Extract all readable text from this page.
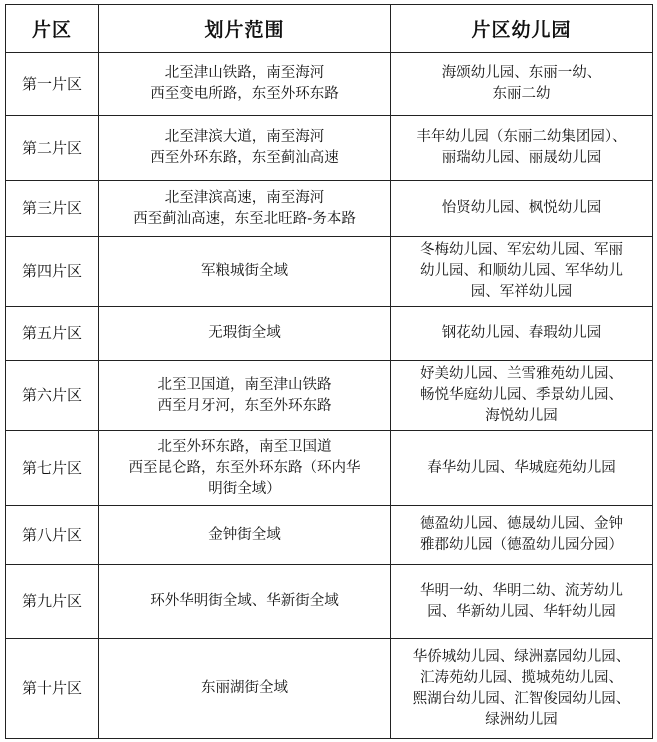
片区	划片范围	片区幼儿园
第一片区	北至津山铁路，南至海河
西至变电所路，东至外环东路	海颂幼儿园、东丽一幼、
东丽二幼
第二片区	北至津滨大道，南至海河
西至外环东路，东至蓟汕高速	丰年幼儿园（东丽二幼集团园）、
丽瑞幼儿园、丽晟幼儿园
第三片区	北至津滨高速，南至海河
西至蓟汕高速，东至北旺路-务本路	怡贤幼儿园、枫悦幼儿园
第四片区	军粮城街全域	冬梅幼儿园、军宏幼儿园、军丽
幼儿园、和顺幼儿园、军华幼儿
园、军祥幼儿园
第五片区	无瑕街全域	钢花幼儿园、春瑕幼儿园
第六片区	北至卫国道，南至津山铁路
西至月牙河，东至外环东路	妤美幼儿园、兰雪雅苑幼儿园、
畅悦华庭幼儿园、季景幼儿园、
海悦幼儿园
第七片区	北至外环东路，南至卫国道
西至昆仑路，东至外环东路（环内华
明街全域）	春华幼儿园、华城庭苑幼儿园
第八片区	金钟街全域	德盈幼儿园、德晟幼儿园、金钟
雅郡幼儿园（德盈幼儿园分园）
第九片区	环外华明街全域、华新街全域	华明一幼、华明二幼、流芳幼儿
园、华新幼儿园、华轩幼儿园
第十片区	东丽湖街全域	华侨城幼儿园、绿洲嘉园幼儿园、
汇涛苑幼儿园、揽城苑幼儿园、
熙湖台幼儿园、汇智俊园幼儿园、
绿洲幼儿园
